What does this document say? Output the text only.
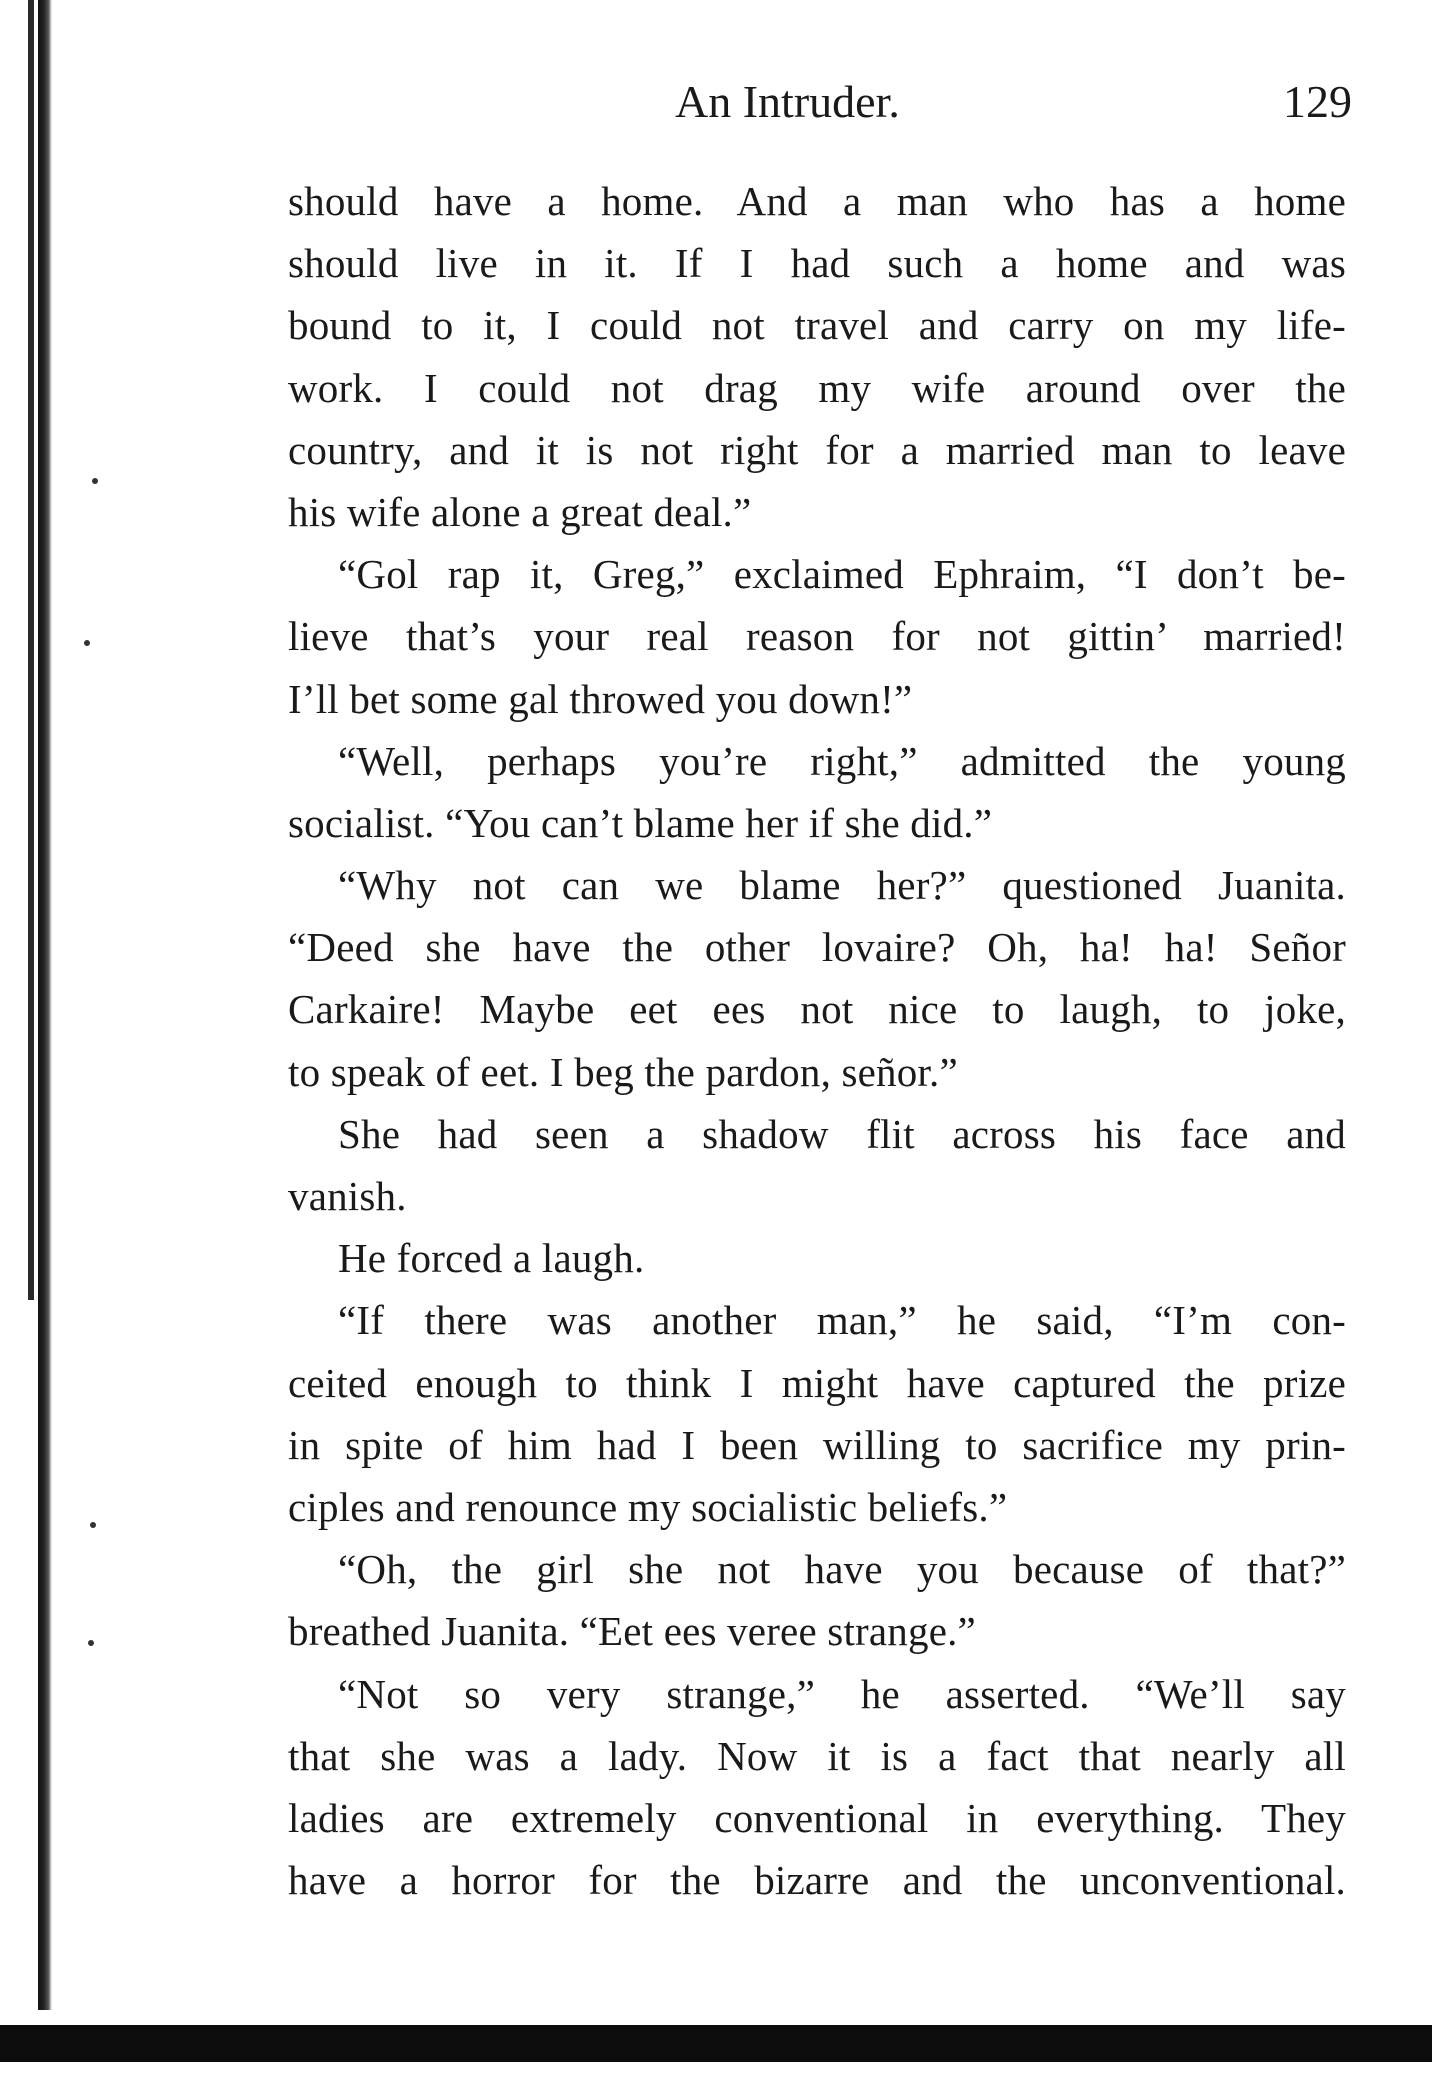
An Intruder.	129
should have a home. And a man who has a home
should live in it. If I had such a home and was
bound to it, I could not travel and carry on my life-
work. I could not drag my wife around over the
country, and it is not right for a married man to leave
his wife alone a great deal.”
“Gol rap it, Greg,” exclaimed Ephraim, “I don’t be-
lieve that’s your real reason for not gittin’ married!
I’ll bet some gal throwed you down!”
“Well, perhaps you’re right,” admitted the young
socialist. “You can’t blame her if she did.”
“Why not can we blame her?” questioned Juanita.
“Deed she have the other lovaire? Oh, ha! ha! Señor
Carkaire! Maybe eet ees not nice to laugh, to joke,
to speak of eet. I beg the pardon, señor.”
She had seen a shadow flit across his face and
vanish.
He forced a laugh.
“If there was another man,” he said, “I’m con-
ceited enough to think I might have captured the prize
in spite of him had I been willing to sacrifice my prin-
ciples and renounce my socialistic beliefs.”
“Oh, the girl she not have you because of that?”
breathed Juanita. “Eet ees veree strange.”
“Not so very strange,” he asserted. “We’ll say
that she was a lady. Now it is a fact that nearly all
ladies are extremely conventional in everything. They
have a horror for the bizarre and the unconventional.
